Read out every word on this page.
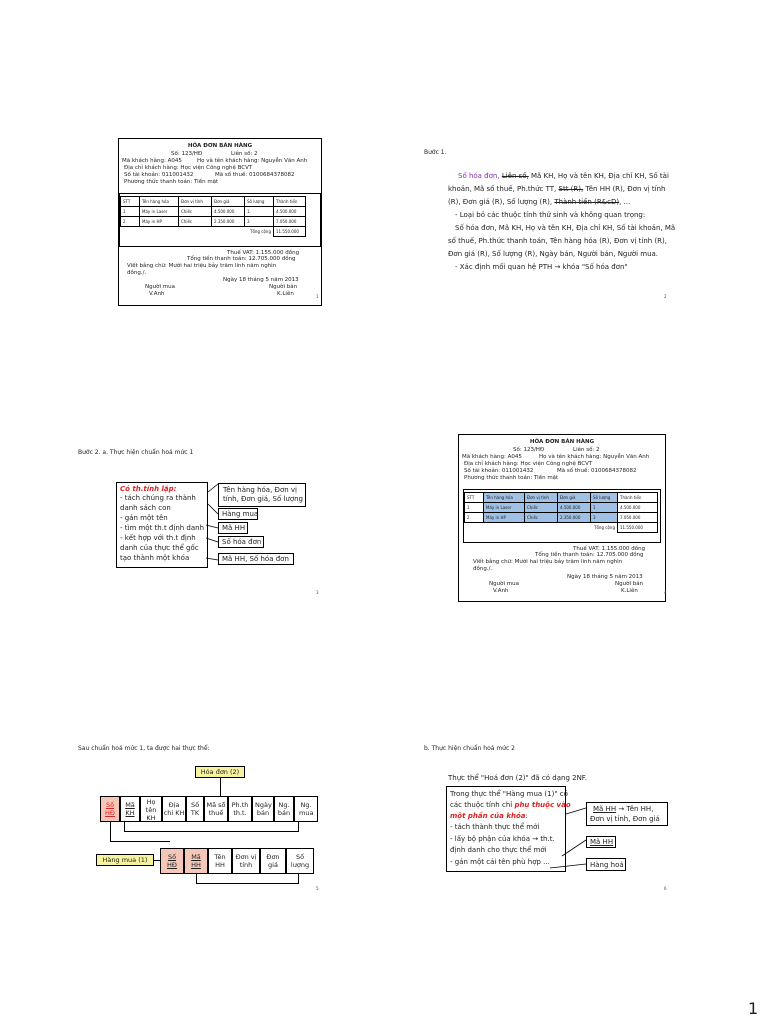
HÓA ĐƠN BÁN HÀNG
Số: 123/HĐ	Liên số: 2
Mã khách hàng: A045	Họ và tên khách hàng: Nguyễn Văn Anh
Địa chỉ khách hàng: Học viện Công nghệ BCVT
Số tài khoản: 011001432	Mã số thuế: 0100684378082
Phương thức thanh toán: Tiền mặt
STT	Tên hàng hóa	Đơn vị tính	Đơn giá	Số lượng	Thành tiền
1	Máy in Laser	Chiếc	4.500.000	1	4.500.000
2	Máy in HP	Chiếc	2.350.000	3	7.050.000
Tổng cộng					11.550.000
Thuế VAT: 1.155.000 đồng
Tổng tiền thanh toán: 12.705.000 đồng
Viết bằng chữ: Mười hai triệu bảy trăm linh năm nghìn
đồng./.
Ngày 18 tháng 5 năm 2013
Người mua	Người bán
V.Anh	K.Liên	1
Bước 1.
Số hóa đơn, Liên số, Mã KH, Họ và tên KH, Địa chỉ KH, Số tài
khoản, Mã số thuế, Ph.thức TT, Stt (R), Tên HH (R), Đơn vị tính
(R), Đơn giá (R), Số lượng (R), Thành tiền (R&cD), ...
- Loại bỏ các thuộc tính thứ sinh và không quan trọng:
Số hóa đơn, Mã KH, Họ và tên KH, Địa chỉ KH, Số tài khoản, Mã
số thuế, Ph.thức thanh toán, Tên hàng hóa (R), Đơn vị tính (R),
Đơn giá (R), Số lượng (R), Ngày bán, Người bán, Người mua.
- Xác định mối quan hệ PTH → khóa "Số hóa đơn"
2
Bước 2. a. Thực hiện chuẩn hoá mức 1
Có th.tính lặp:
- tách chúng ra thành
danh sách con
- gán một tên
- tìm một th.t định danh
- kết hợp với th.t định
danh của thực thể gốc
tạo thành một khóa
Tên hàng hóa, Đơn vị
tính, Đơn giá, Số lượng
Hàng mua
Mã HH
Số hóa đơn
Mã HH, Số hóa đơn
3
HÓA ĐƠN BÁN HÀNG
Số: 123/HĐ	Liên số: 2
Mã khách hàng: A045	Họ và tên khách hàng: Nguyễn Văn Anh
Địa chỉ khách hàng: Học viện Công nghệ BCVT
Số tài khoản: 011001432	Mã số thuế: 0100684378082
Phương thức thanh toán: Tiền mặt
STT	Tên hàng hóa	Đơn vị tính	Đơn giá	Số lượng	Thành tiền
1	Máy in Laser	Chiếc	4.500.000	1	4.500.000
2	Máy in HP	Chiếc	2.350.000	3	7.050.000
Tổng cộng					11.550.000
Thuế VAT: 1.155.000 đồng
Tổng tiền thanh toán: 12.705.000 đồng
Viết bằng chữ: Mười hai triệu bảy trăm linh năm nghìn
đồng./.
Ngày 18 tháng 5 năm 2013
Người mua	Người bán
V.Anh	K.Liên	4
Sau chuẩn hoá mức 1, ta được hai thực thể:
Hóa đơn (2)
Số HĐ
Mã KH
Họ tên KH
Địa chỉ KH
Số TK
Mã số thuế
Ph.th th.t.
Ngày bán
Ng. bán
Ng. mua
Hàng mua (1)	Số HĐ
Mã HH
Tên HH
Đơn vị tính
Đơn giá
Số lượng
5
b. Thực hiện chuẩn hoá mức 2
Thực thể "Hoá đơn (2)" đã có dạng 2NF.
Trong thực thể "Hàng mua (1)" có
các thuộc tính chỉ phụ thuộc vào
một phần của khóa:
- tách thành thực thể mới
- lấy bộ phận của khóa → th.t.
định danh cho thực thể mới
- gán một cái tên phù hợp ...
Mã HH → Tên HH,
Đơn vị tính, Đơn giá
Mã HH
Hàng hoá
6
1
